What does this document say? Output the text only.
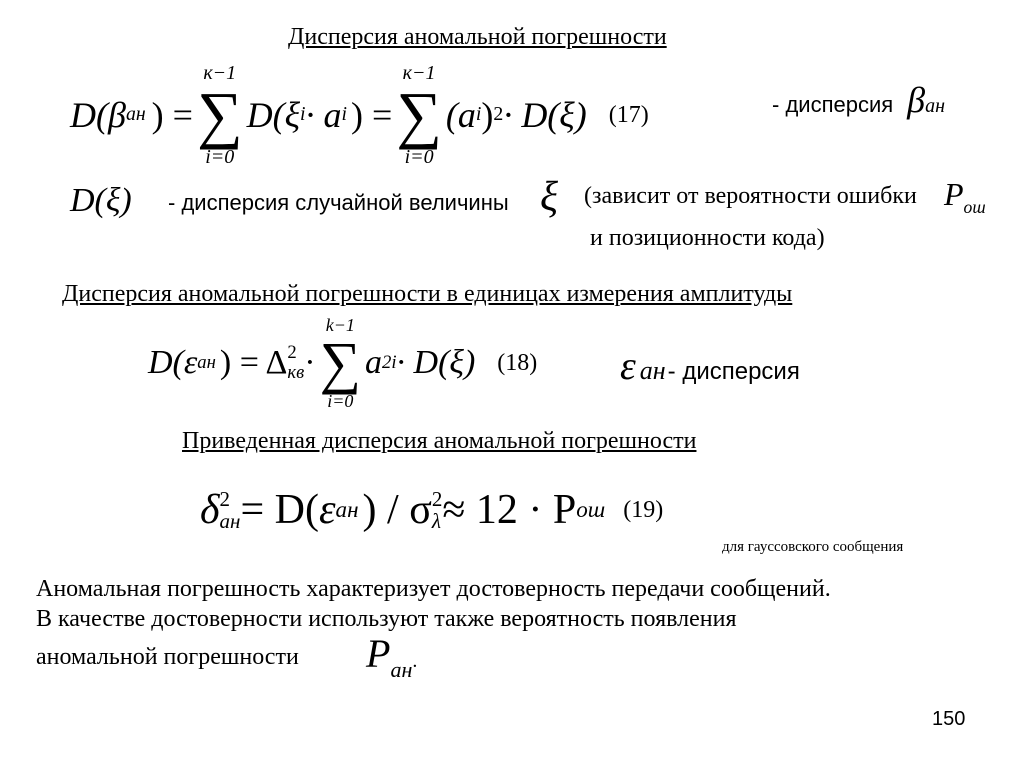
Дисперсия аномальной погрешности
D( β ан ) =
к−1
∑
i=0
D( ξ i · a i ) =
к−1
∑
i=0
(a i ) 2 · D(ξ) (17)	- дисперсия β ан
D(ξ) - дисперсия случайной величины ξ (зависит от вероятности ошибки $P_{ош}$
и позиционности кода)
Дисперсия аномальной погрешности в единицах измерения амплитуды
D( ε ан ) = Δ 2
кв ·
k−1
∑
i=0
a 2i · D(ξ) (18) ε ан - дисперсия
Приведенная дисперсия аномальной погрешности
δ 2
ан = D( ε ан ) / σ 2
λ ≈ 12 · P ош (19)
для гауссовского сообщения
Аномальная погрешность характеризует достоверность передачи сообщений.
В качестве достоверности используют также вероятность появления
аномальной погрешности $P_{ан}$.
150
